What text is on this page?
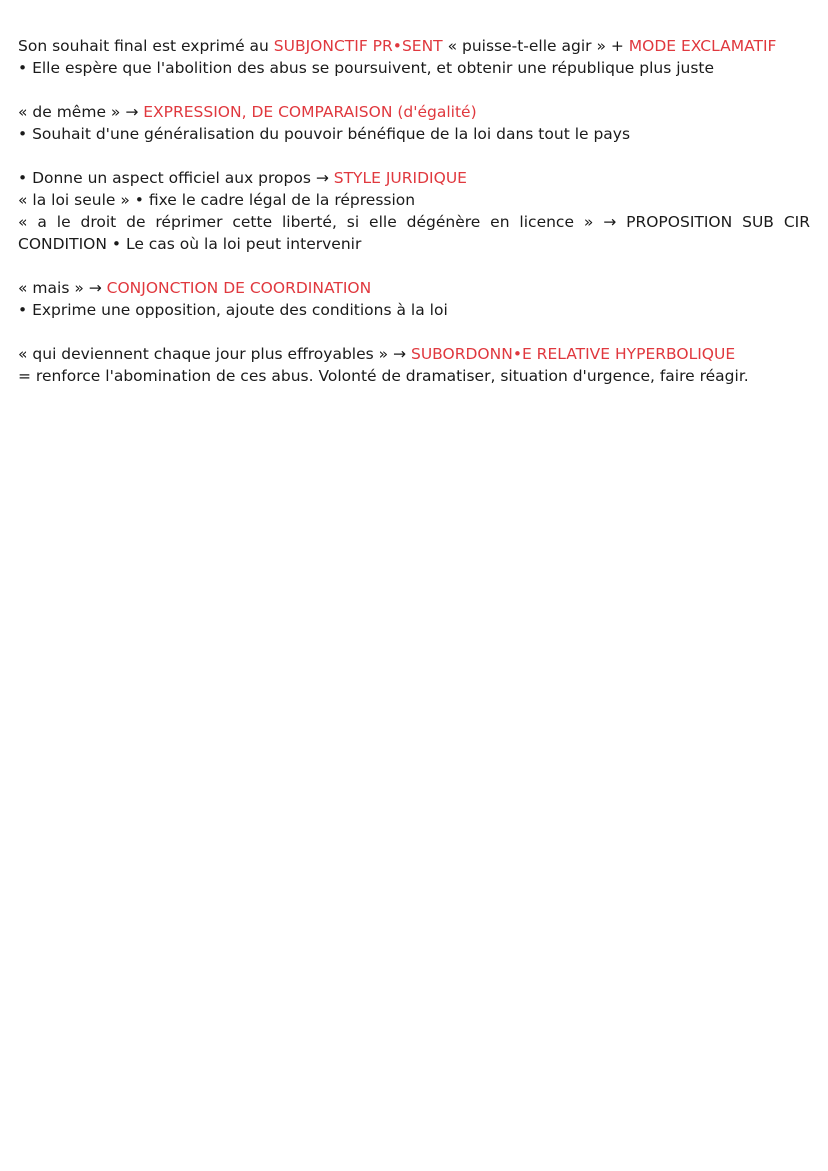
Son souhait final est exprimé au SUBJONCTIF PR•SENT « puisse-t-elle agir » + MODE EXCLAMATIF
• Elle espère que l'abolition des abus se poursuivent, et obtenir une république plus juste
« de même » → EXPRESSION, DE COMPARAISON (d'égalité)
• Souhait d'une généralisation du pouvoir bénéfique de la loi dans tout le pays
• Donne un aspect officiel aux propos → STYLE JURIDIQUE
« la loi seule » • fixe le cadre légal de la répression
« a le droit de réprimer cette liberté, si elle dégénère en licence » → PROPOSITION SUB CIR
CONDITION • Le cas où la loi peut intervenir
« mais » → CONJONCTION DE COORDINATION
• Exprime une opposition, ajoute des conditions à la loi
« qui deviennent chaque jour plus effroyables » → SUBORDONN•E RELATIVE HYPERBOLIQUE
= renforce l'abomination de ces abus. Volonté de dramatiser, situation d'urgence, faire réagir.
